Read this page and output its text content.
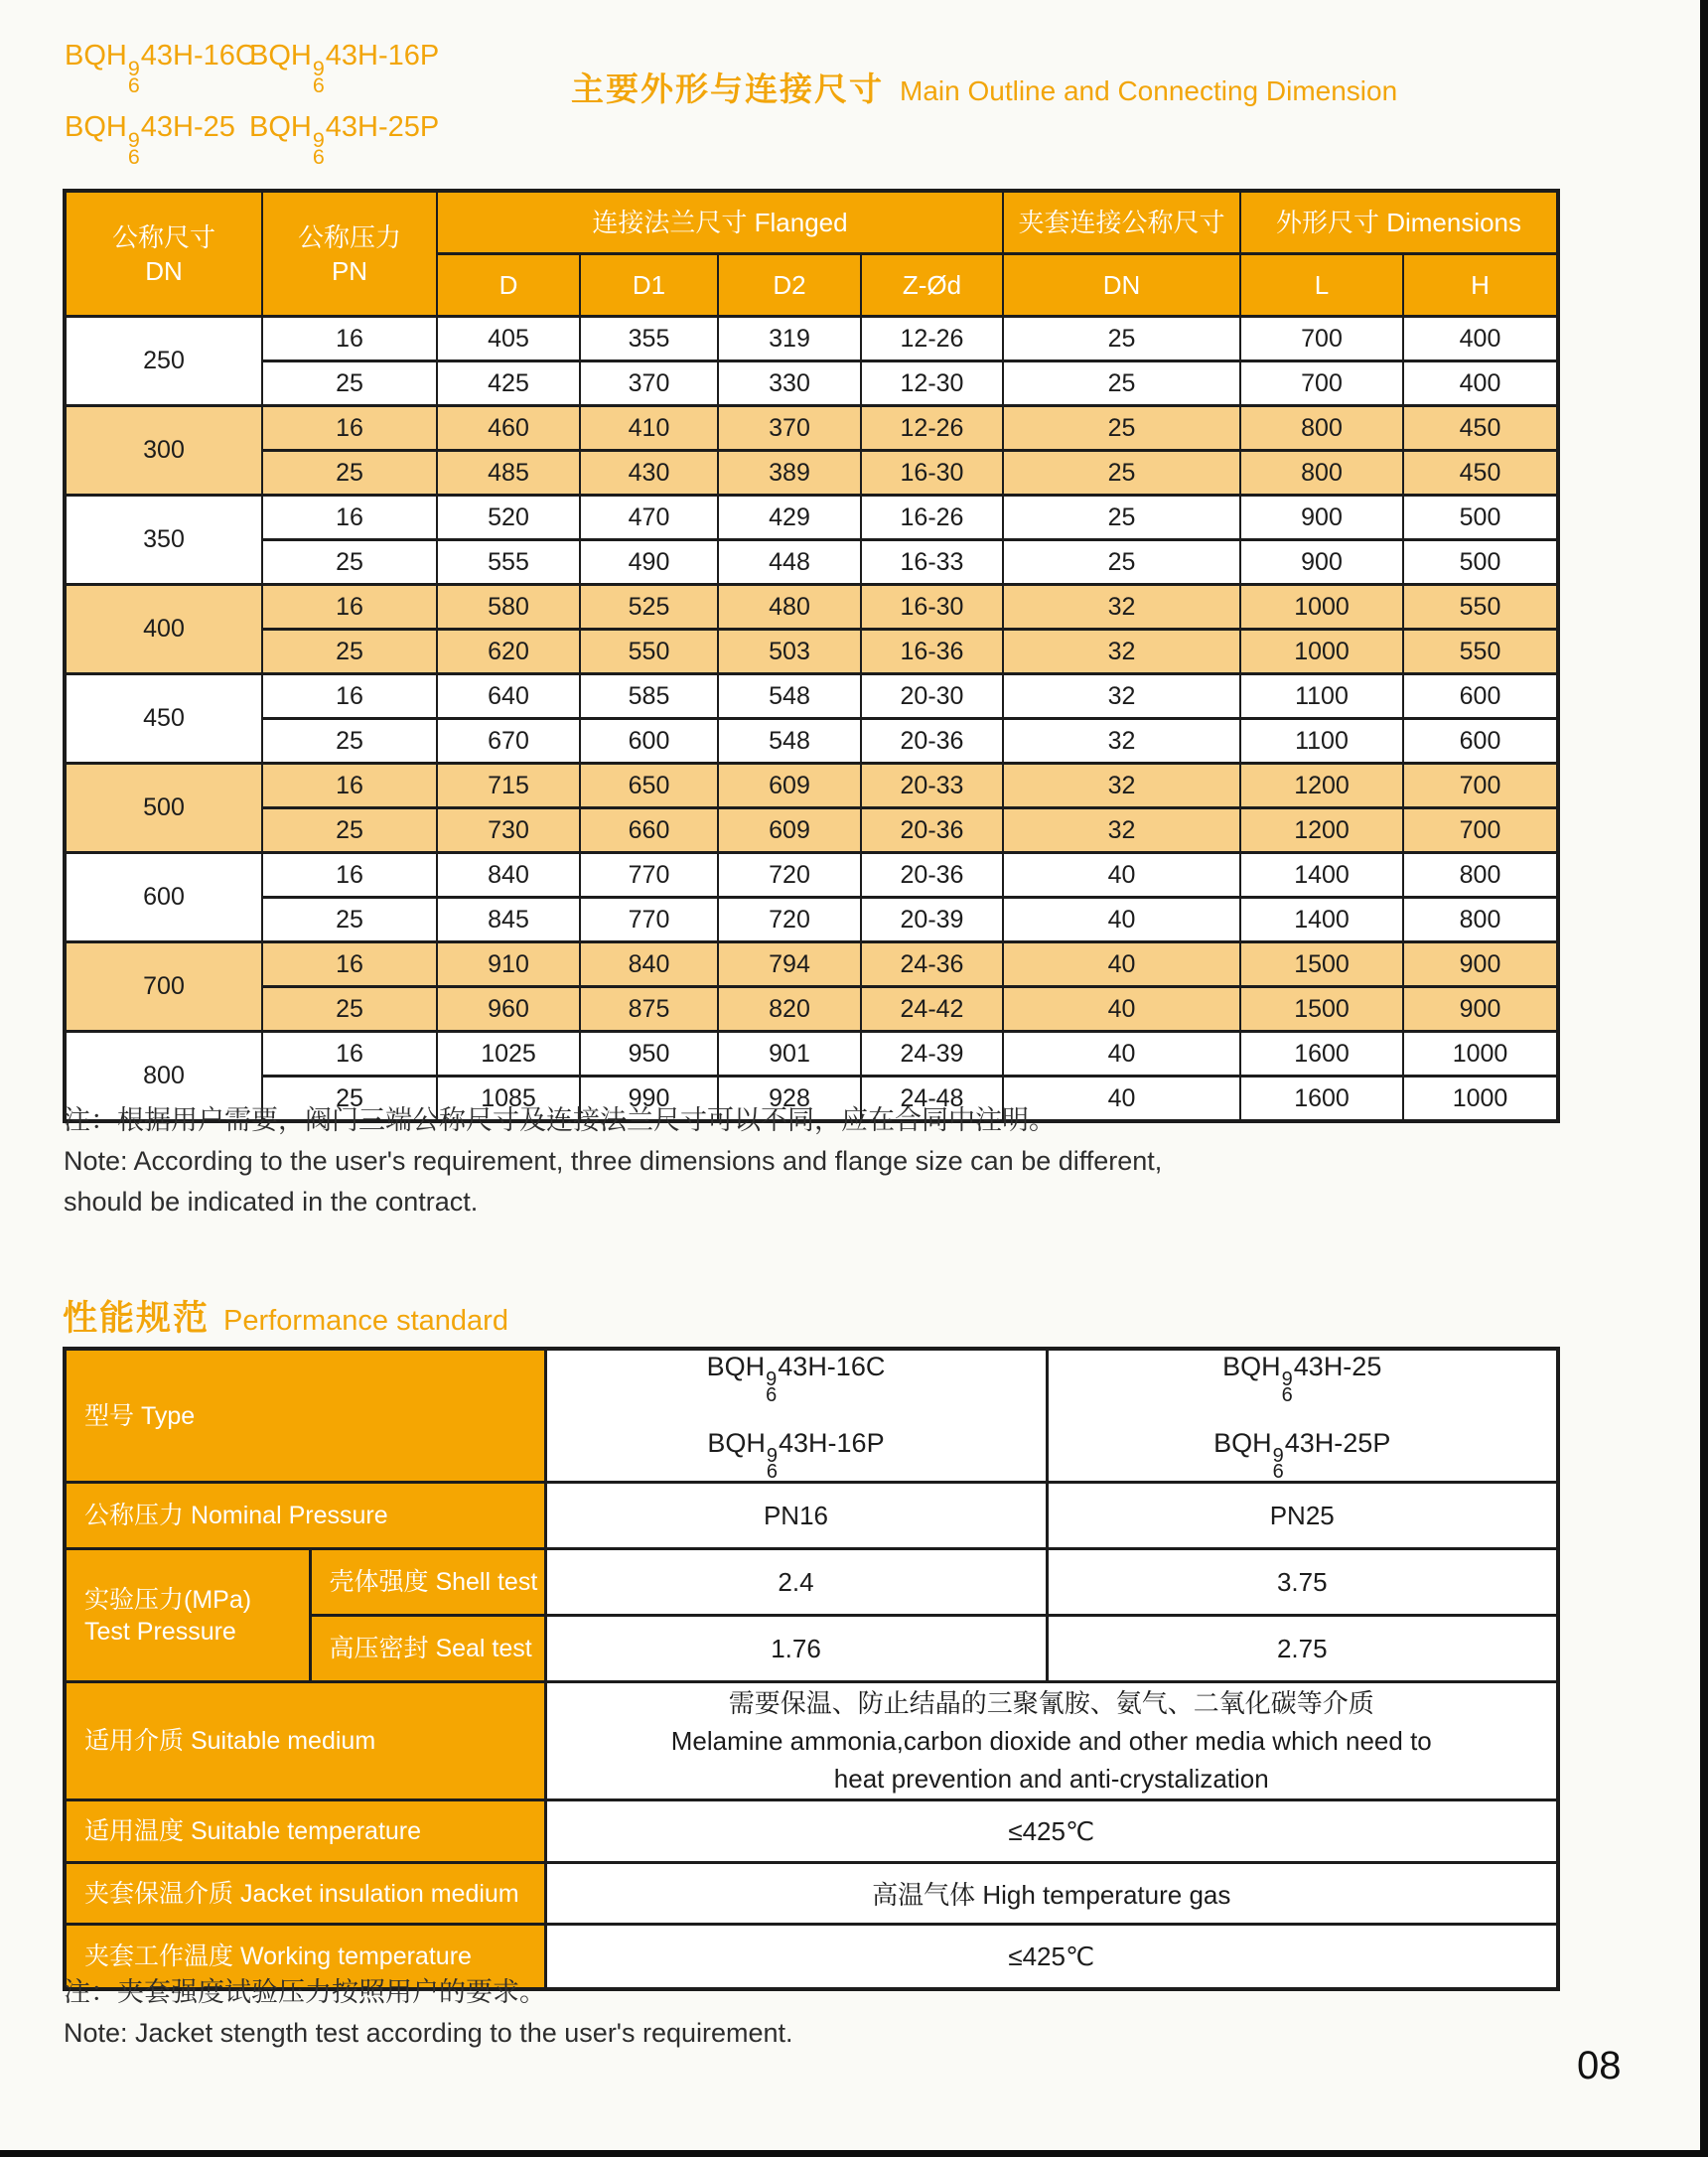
BQH 9
6
43H-16C
BQH 9
6
43H-16P
BQH 9
6
43H-25 BQH 9
6
43H-25P
主要外形与连接尺寸 Main Outline and Connecting Dimension
公称尺寸
DN	公称压力
PN	连接法兰尺寸 Flanged				夹套连接公称尺寸	外形尺寸 Dimensions	
		D	D1	D2	Z-Ød	DN	L	H
250	16	405	355	319	12-26	25	700	400
	25	425	370	330	12-30	25	700	400
300	16	460	410	370	12-26	25	800	450
	25	485	430	389	16-30	25	800	450
350	16	520	470	429	16-26	25	900	500
	25	555	490	448	16-33	25	900	500
400	16	580	525	480	16-30	32	1000	550
	25	620	550	503	16-36	32	1000	550
450	16	640	585	548	20-30	32	1100	600
	25	670	600	548	20-36	32	1100	600
500	16	715	650	609	20-33	32	1200	700
	25	730	660	609	20-36	32	1200	700
600	16	840	770	720	20-36	40	1400	800
	25	845	770	720	20-39	40	1400	800
700	16	910	840	794	24-36	40	1500	900
	25	960	875	820	24-42	40	1500	900
800	16	1025	950	901	24-39	40	1600	1000
	25	1085	990	928	24-48	40	1600	1000
注：根据用户需要，阀门三端公称尺寸及连接法兰尺寸可以不同，应在合同中注明。
Note: According to the user's requirement, three dimensions and flange size can be different,
should be indicated in the contract.
性能规范 Performance standard
型号 Type	
BQH 9
6
43H-16C
BQH 9
6
43H-16P

BQH 9
6
43H-25
BQH 9
6
43H-25P

公称压力 Nominal Pressure		PN16	PN25
实验压力(MPa)
Test Pressure	壳体强度 Shell test	2.4	3.75
	高压密封 Seal test	1.76	2.75
适用介质 Suitable medium		需要保温、防止结晶的三聚氰胺、氨气、二氧化碳等介质
Melamine ammonia,carbon dioxide and other media which need to
heat prevention and anti-crystalization	

适用温度 Suitable temperature		≤425℃	
夹套保温介质 Jacket insulation medium		高温气体 High temperature gas	
夹套工作温度 Working temperature		≤425℃	
注：夹套强度试验压力按照用户的要求。
Note: Jacket stength test according to the user's requirement.
08
